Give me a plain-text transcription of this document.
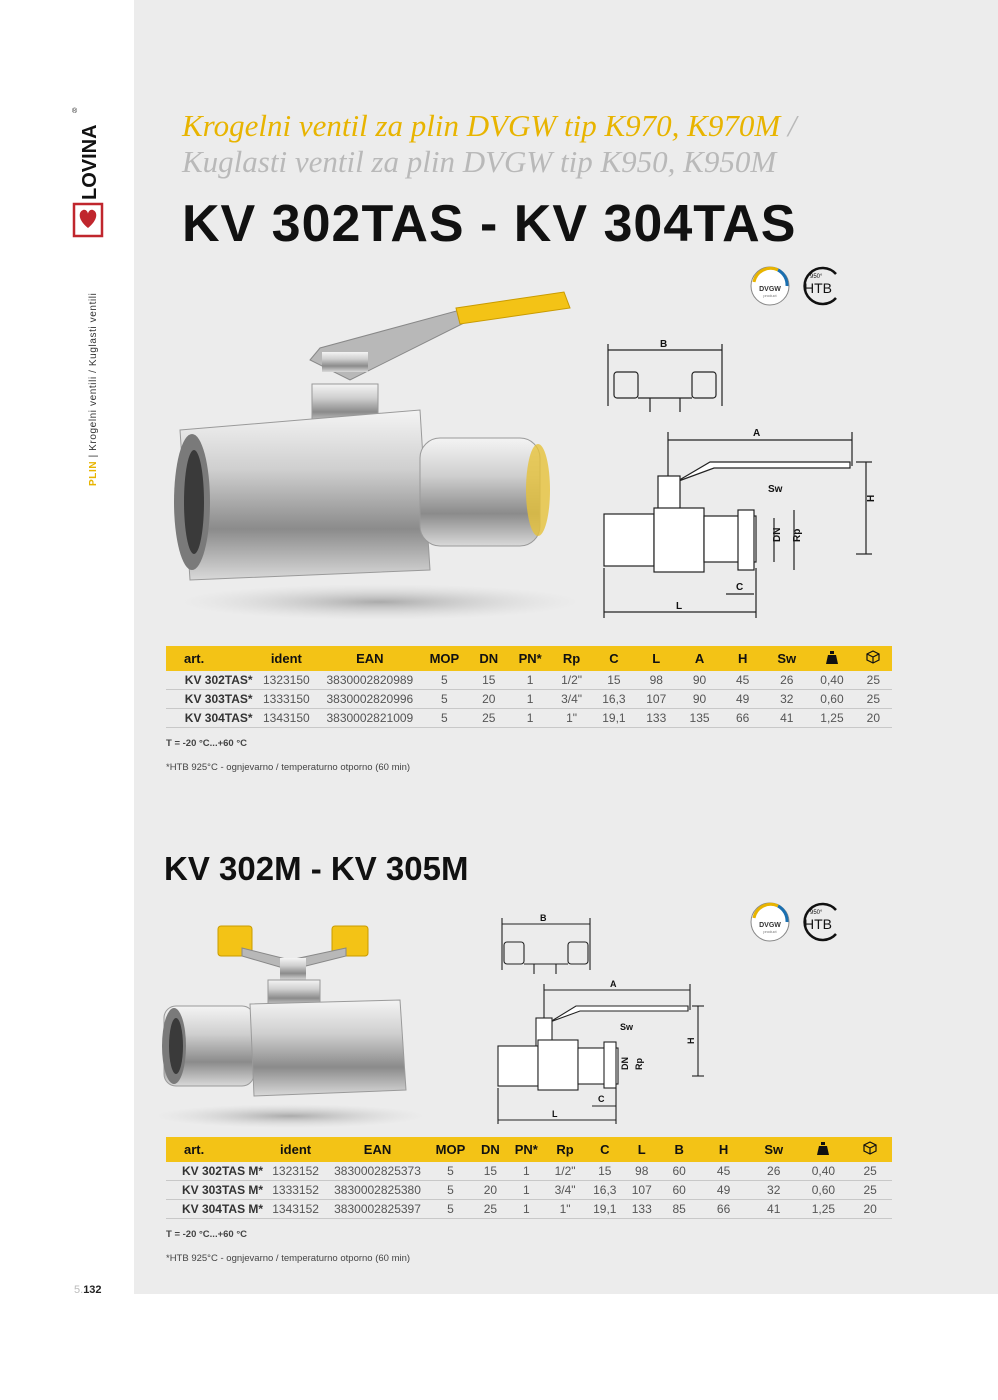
LOVINA
®
PLIN | Krogelni ventili / Kuglasti ventili
Krogelni ventil za plin DVGW tip K970, K970M /
Kuglasti ventil za plin DVGW tip K950, K950M
KV 302TAS - KV 304TAS
DVGW
product
950°
HTB
B
A
Sw
H
DN Rp
C
L
art.	ident	EAN	MOP	DN	PN*	Rp	C	L	A	H	Sw		
KV 302TAS*	1323150	3830002820989	5	15	1	1/2"	15	98	90	45	26	0,40	25
KV 303TAS*	1333150	3830002820996	5	20	1	3/4"	16,3	107	90	49	32	0,60	25
KV 304TAS*	1343150	3830002821009	5	25	1	1"	19,1	133	135	66	41	1,25	20
T = -20 °C...+60 °C
*HTB 925°C - ognjevarno / temperaturno otporno (60 min)
KV 302M - KV 305M
DVGW
product
950°
HTB
B
A
Sw
H
DN Rp
C
L
art.	ident	EAN	MOP	DN	PN*	Rp	C	L	B	H	Sw		
KV 302TAS M*	1323152	3830002825373	5	15	1	1/2"	15	98	60	45	26	0,40	25
KV 303TAS M*	1333152	3830002825380	5	20	1	3/4"	16,3	107	60	49	32	0,60	25
KV 304TAS M*	1343152	3830002825397	5	25	1	1"	19,1	133	85	66	41	1,25	20
T = -20 °C...+60 °C
*HTB 925°C - ognjevarno / temperaturno otporno (60 min)
5.132
